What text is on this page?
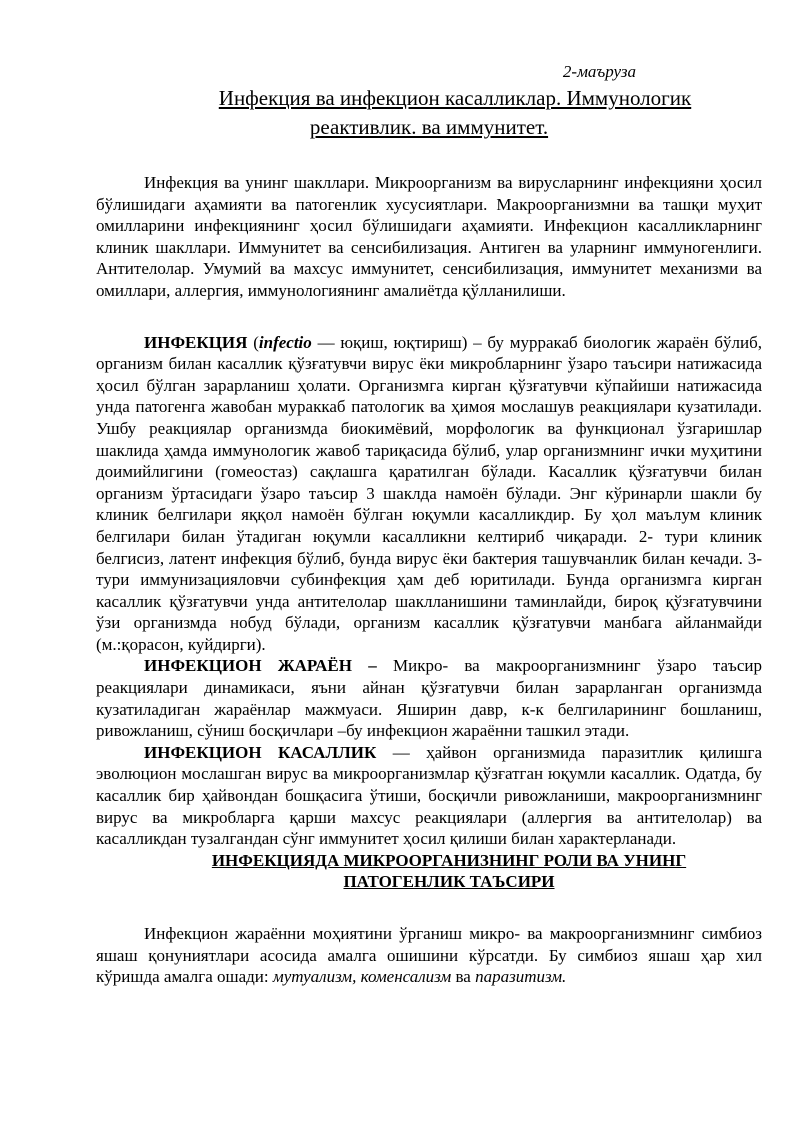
2-маъруза
Инфекция ва инфекцион касалликлар. Иммунологик
реактивлик. ва иммунитет.

Инфекция ва унинг шакллари. Микроорганизм ва вирусларнинг инфекцияни ҳосил бўлишидаги аҳамияти ва патогенлик хусусиятлари. Макроорганизмни ва ташқи муҳит омилларини инфекциянинг ҳосил бўлишидаги аҳамияти. Инфекцион касалликларнинг клиник шакллари. Иммунитет ва сенсибилизация. Антиген ва уларнинг иммуногенлиги. Антителолар. Умумий ва махсус иммунитет, сенсибилизация, иммунитет механизми ва омиллари, аллергия, иммунологиянинг амалиётда қўлланилиши.

ИНФЕКЦИЯ (infectio — юқиш, юқтириш) – бу мурракаб биологик жараён бўлиб, организм билан касаллик қўзғатувчи вирус ёки микробларнинг ўзаро таъсири натижасида ҳосил бўлган зарарланиш ҳолати. Организмга кирган қўзғатувчи кўпайиши натижасида унда патогенга жавобан мураккаб патологик ва ҳимоя мослашув реакциялари кузатилади. Ушбу реакциялар организмда биокимёвий, морфологик ва функционал ўзгаришлар шаклида ҳамда иммунологик жавоб тариқасида бўлиб, улар организмнинг ички муҳитини доимийлигини (гомеостаз) сақлашга қаратилган бўлади. Касаллик қўзғатувчи билан организм ўртасидаги ўзаро таъсир 3 шаклда намоён бўлади. Энг кўринарли шакли бу клиник белгилари яққол намоён бўлган юқумли касалликдир. Бу ҳол маълум клиник белгилари билан ўтадиган юқумли касалликни келтириб чиқаради. 2- тури клиник белгисиз, латент инфекция бўлиб, бунда вирус ёки бактерия ташувчанлик билан кечади. 3-тури иммунизацияловчи субинфекция ҳам деб юритилади. Бунда организмга кирган касаллик қўзғатувчи унда антителолар шаклланишини таминлайди, бироқ қўзғатувчини ўзи организмда нобуд бўлади, организм касаллик қўзғатувчи манбага айланмайди (м.:қорасон, куйдирги).

ИНФЕКЦИОН ЖАРАЁН – Микро- ва макроорганизмнинг ўзаро таъсир реакциялари динамикаси, яъни айнан қўзғатувчи билан зарарланган организмда кузатиладиган жараёнлар мажмуаси. Яширин давр, к-к белгиларининг бошланиш, ривожланиш, сўниш босқичлари –бу инфекцион жараённи ташкил этади.

ИНФЕКЦИОН КАСАЛЛИК — ҳайвон организмида паразитлик қилишга эволюцион мослашган вирус ва микроорганизмлар қўзғатган юқумли касаллик. Одатда, бу касаллик бир ҳайвондан бошқасига ўтиши, босқичли ривожланиши, макроорганизмнинг вирус ва микробларга қарши махсус реакциялари (аллергия ва антителолар) ва касалликдан тузалгандан сўнг иммунитет ҳосил қилиши билан характерланади.

ИНФЕКЦИЯДА МИКРООРГАНИЗНИНГ РОЛИ ВА УНИНГ
ПАТОГЕНЛИК ТАЪСИРИ

Инфекцион жараённи моҳиятини ўрганиш микро- ва макроорганизмнинг симбиоз яшаш қонуниятлари асосида амалга ошишини кўрсатди. Бу симбиоз яшаш ҳар хил кўришда амалга ошади: мутуализм, коменсализм ва паразитизм.
